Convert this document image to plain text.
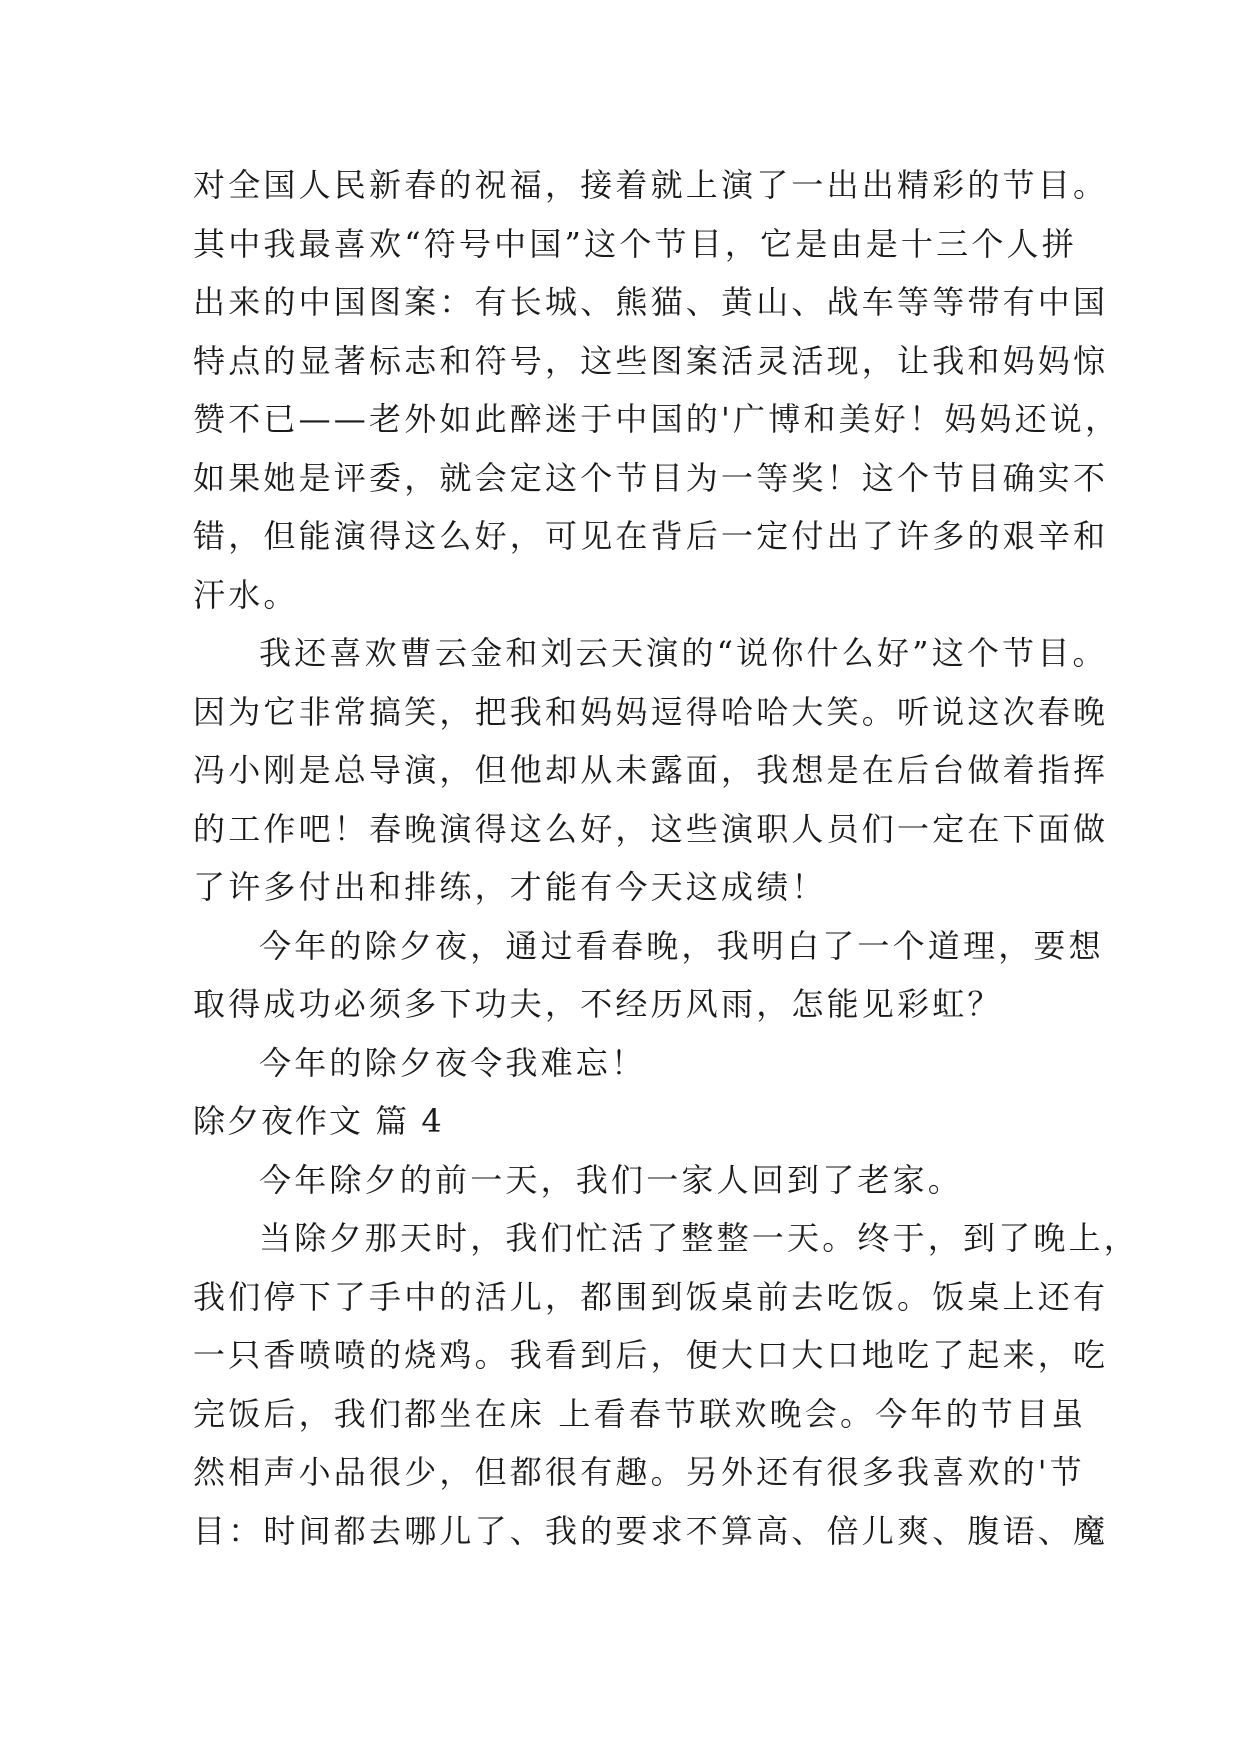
对全国人民新春的祝福，接着就上演了一出出精彩的节目。

其中我最喜欢“符号中国”这个节目，它是由是十三个人拼

出来的中国图案：有长城、熊猫、黄山、战车等等带有中国

特点的显著标志和符号，这些图案活灵活现，让我和妈妈惊

赞不已——老外如此醉迷于中国的'广博和美好！妈妈还说，

如果她是评委，就会定这个节目为一等奖！这个节目确实不

错，但能演得这么好，可见在背后一定付出了许多的艰辛和

汗水。

我还喜欢曹云金和刘云天演的“说你什么好”这个节目。

因为它非常搞笑，把我和妈妈逗得哈哈大笑。听说这次春晚

冯小刚是总导演，但他却从未露面，我想是在后台做着指挥

的工作吧！春晚演得这么好，这些演职人员们一定在下面做

了许多付出和排练，才能有今天这成绩！

今年的除夕夜，通过看春晚，我明白了一个道理，要想

取得成功必须多下功夫，不经历风雨，怎能见彩虹？

今年的除夕夜令我难忘！

除夕夜作文 篇 4

今年除夕的前一天，我们一家人回到了老家。

当除夕那天时，我们忙活了整整一天。终于，到了晚上，

我们停下了手中的活儿，都围到饭桌前去吃饭。饭桌上还有

一只香喷喷的烧鸡。我看到后，便大口大口地吃了起来，吃

完饭后，我们都坐在床 上看春节联欢晚会。今年的节目虽

然相声小品很少，但都很有趣。另外还有很多我喜欢的'节

目：时间都去哪儿了、我的要求不算高、倍儿爽、腹语、魔
